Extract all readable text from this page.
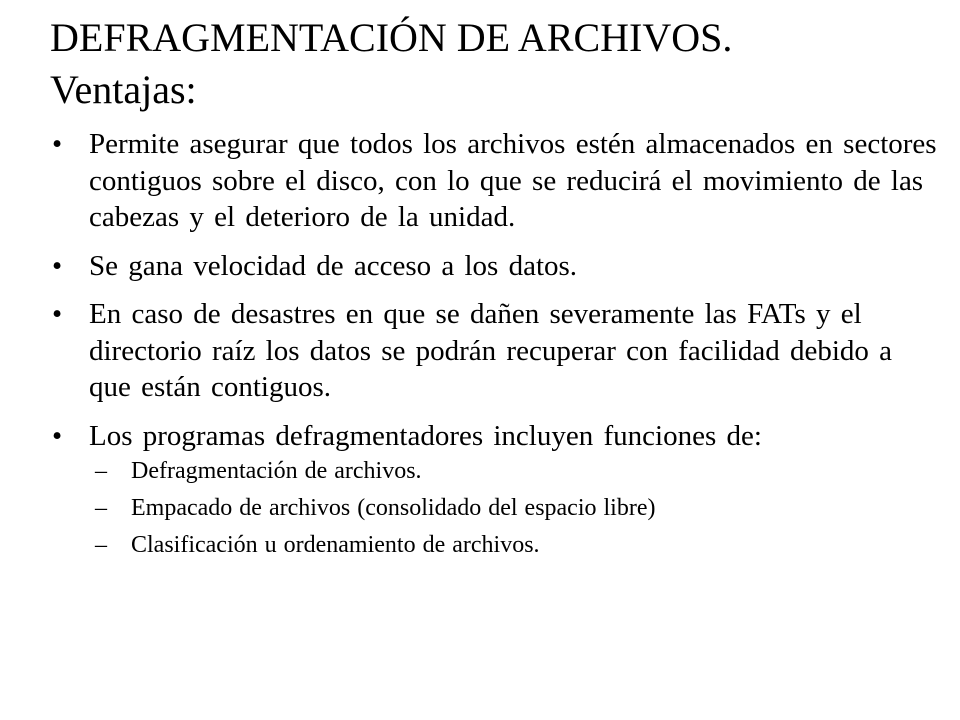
DEFRAGMENTACIÓN DE ARCHIVOS.
Ventajas:
• Permite asegurar que todos los archivos estén almacenados en sectores contiguos sobre el disco, con lo que se reducirá el movimiento de las cabezas y el deterioro de la unidad.
• Se gana velocidad de acceso a los datos.
• En caso de desastres en que se dañen severamente las FATs y el directorio raíz los datos se podrán recuperar con facilidad debido a que están contiguos.
• Los programas defragmentadores incluyen funciones de:
– Defragmentación de archivos.
– Empacado de archivos (consolidado del espacio libre)
– Clasificación u ordenamiento de archivos.
